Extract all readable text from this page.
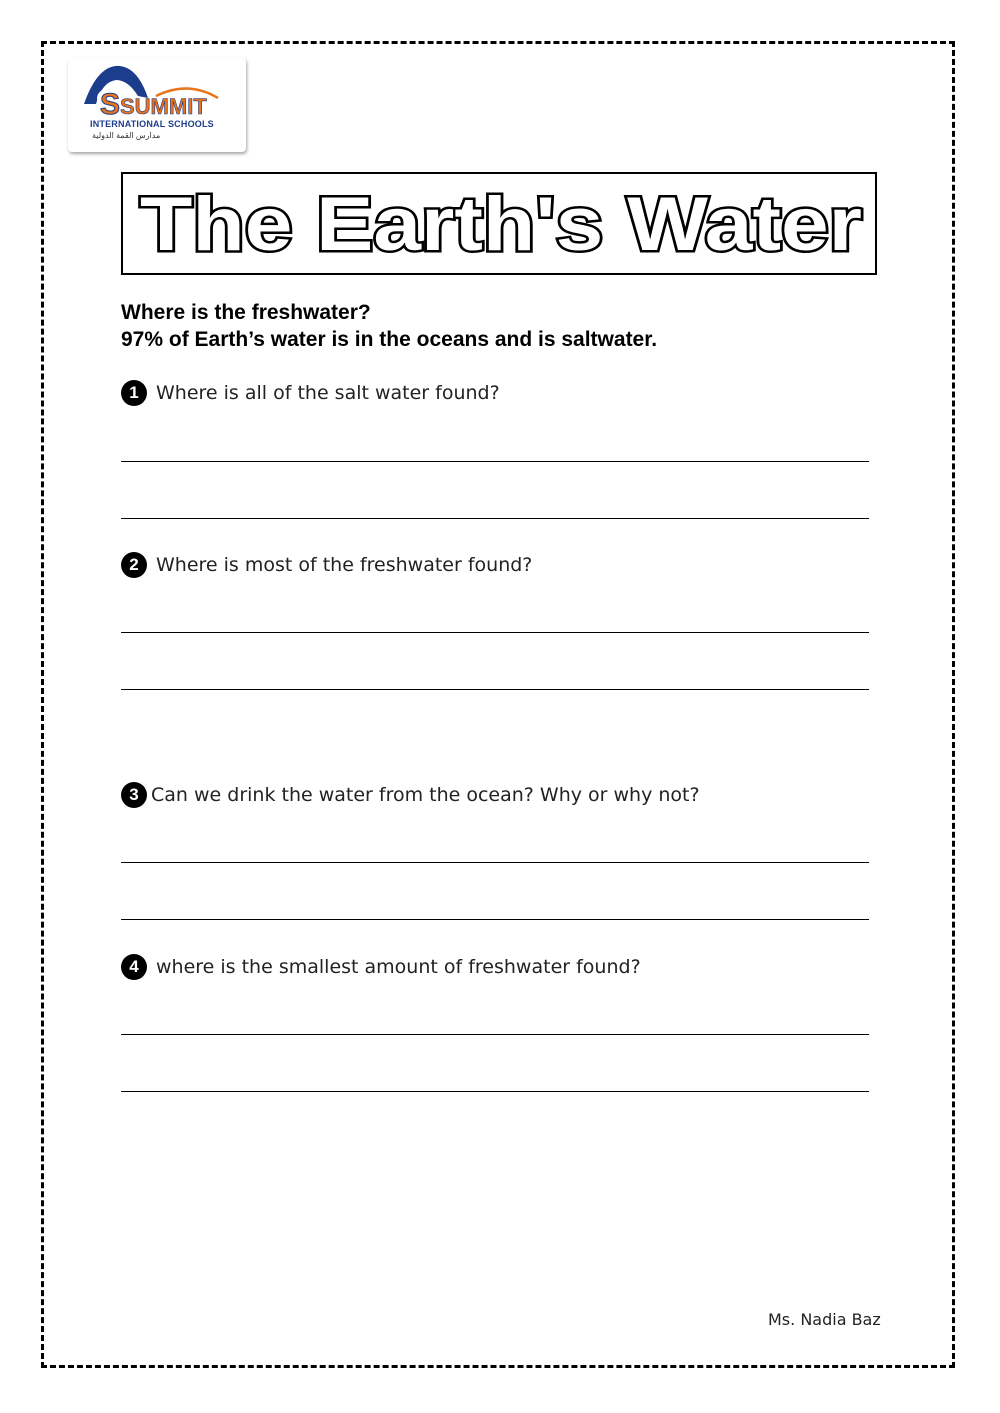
S SUMMIT
INTERNATIONAL SCHOOLS
مدارس القمة الدولية
The Earth's Water
Where is the freshwater?
97% of Earth’s water is in the oceans and is saltwater.
1 Where is all of the salt water found?
2 Where is most of the freshwater found?
3 Can we drink the water from the ocean? Why or why not?
4 where is the smallest amount of freshwater found?
Ms. Nadia Baz
